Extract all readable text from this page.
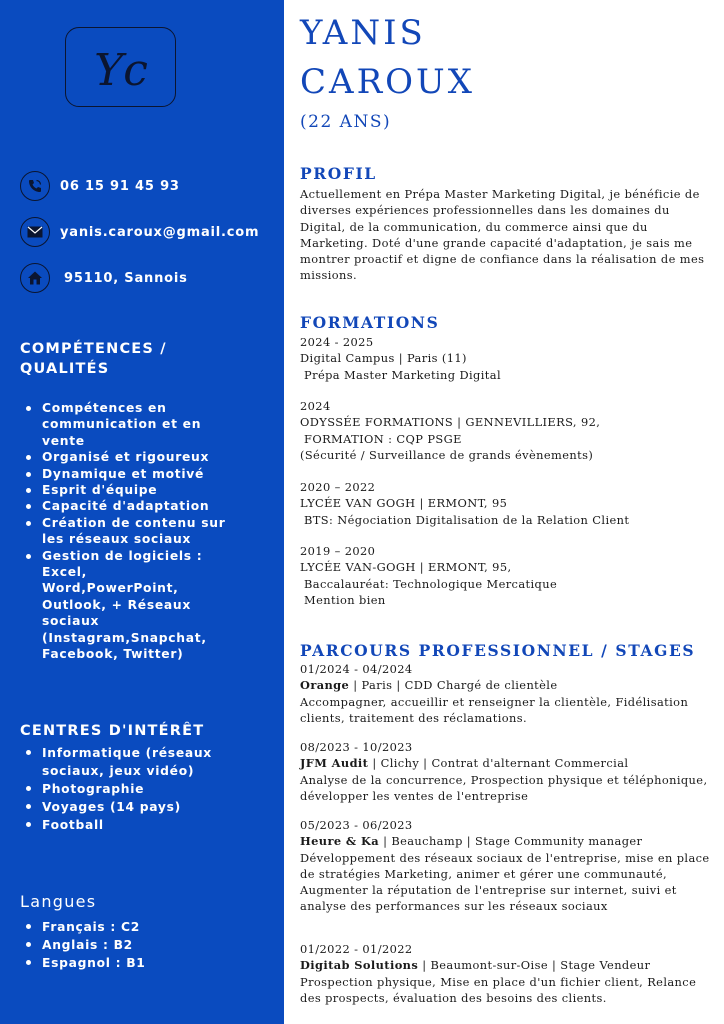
Yc
06 15 91 45 93
yanis.caroux@gmail.com
95110, Sannois
COMPÉTENCES /
QUALITÉS
Compétences en communication et en vente
Organisé et rigoureux
Dynamique et motivé
Esprit d'équipe
Capacité d'adaptation
Création de contenu sur les réseaux sociaux
Gestion de logiciels : Excel, Word,PowerPoint, Outlook, + Réseaux sociaux (Instagram,Snapchat, Facebook, Twitter)
CENTRES D'INTÉRÊT
Informatique (réseaux sociaux, jeux vidéo)
Photographie
Voyages (14 pays)
Football
Langues
Français : C2
Anglais : B2
Espagnol : B1
YANIS
CAROUX
(22 ANS)
PROFIL
Actuellement en Prépa Master Marketing Digital, je bénéficie de diverses expériences professionnelles dans les domaines du Digital, de la communication, du commerce ainsi que du Marketing. Doté d'une grande capacité d'adaptation, je sais me montrer proactif et digne de confiance dans la réalisation de mes missions.
FORMATIONS
2024 - 2025
Digital Campus | Paris (11)
Prépa Master Marketing Digital
2024
ODYSSÉE FORMATIONS | GENNEVILLIERS, 92,
FORMATION : CQP PSGE
(Sécurité / Surveillance de grands évènements)
2020 – 2022
LYCÉE VAN GOGH | ERMONT, 95
BTS: Négociation Digitalisation de la Relation Client
2019 – 2020
LYCÉE VAN-GOGH | ERMONT, 95,
Baccalauréat: Technologique Mercatique
Mention bien
PARCOURS PROFESSIONNEL / STAGES
01/2024 - 04/2024
Orange | Paris | CDD Chargé de clientèle
Accompagner, accueillir et renseigner la clientèle, Fidélisation clients, traitement des réclamations.
08/2023 - 10/2023
JFM Audit | Clichy | Contrat d'alternant Commercial
Analyse de la concurrence, Prospection physique et téléphonique, développer les ventes de l'entreprise
05/2023 - 06/2023
Heure & Ka | Beauchamp | Stage Community manager
Développement des réseaux sociaux de l'entreprise, mise en place de stratégies Marketing, animer et gérer une communauté, Augmenter la réputation de l'entreprise sur internet, suivi et analyse des performances sur les réseaux sociaux
01/2022 - 01/2022
Digitab Solutions | Beaumont-sur-Oise | Stage Vendeur
Prospection physique, Mise en place d'un fichier client, Relance des prospects, évaluation des besoins des clients.
